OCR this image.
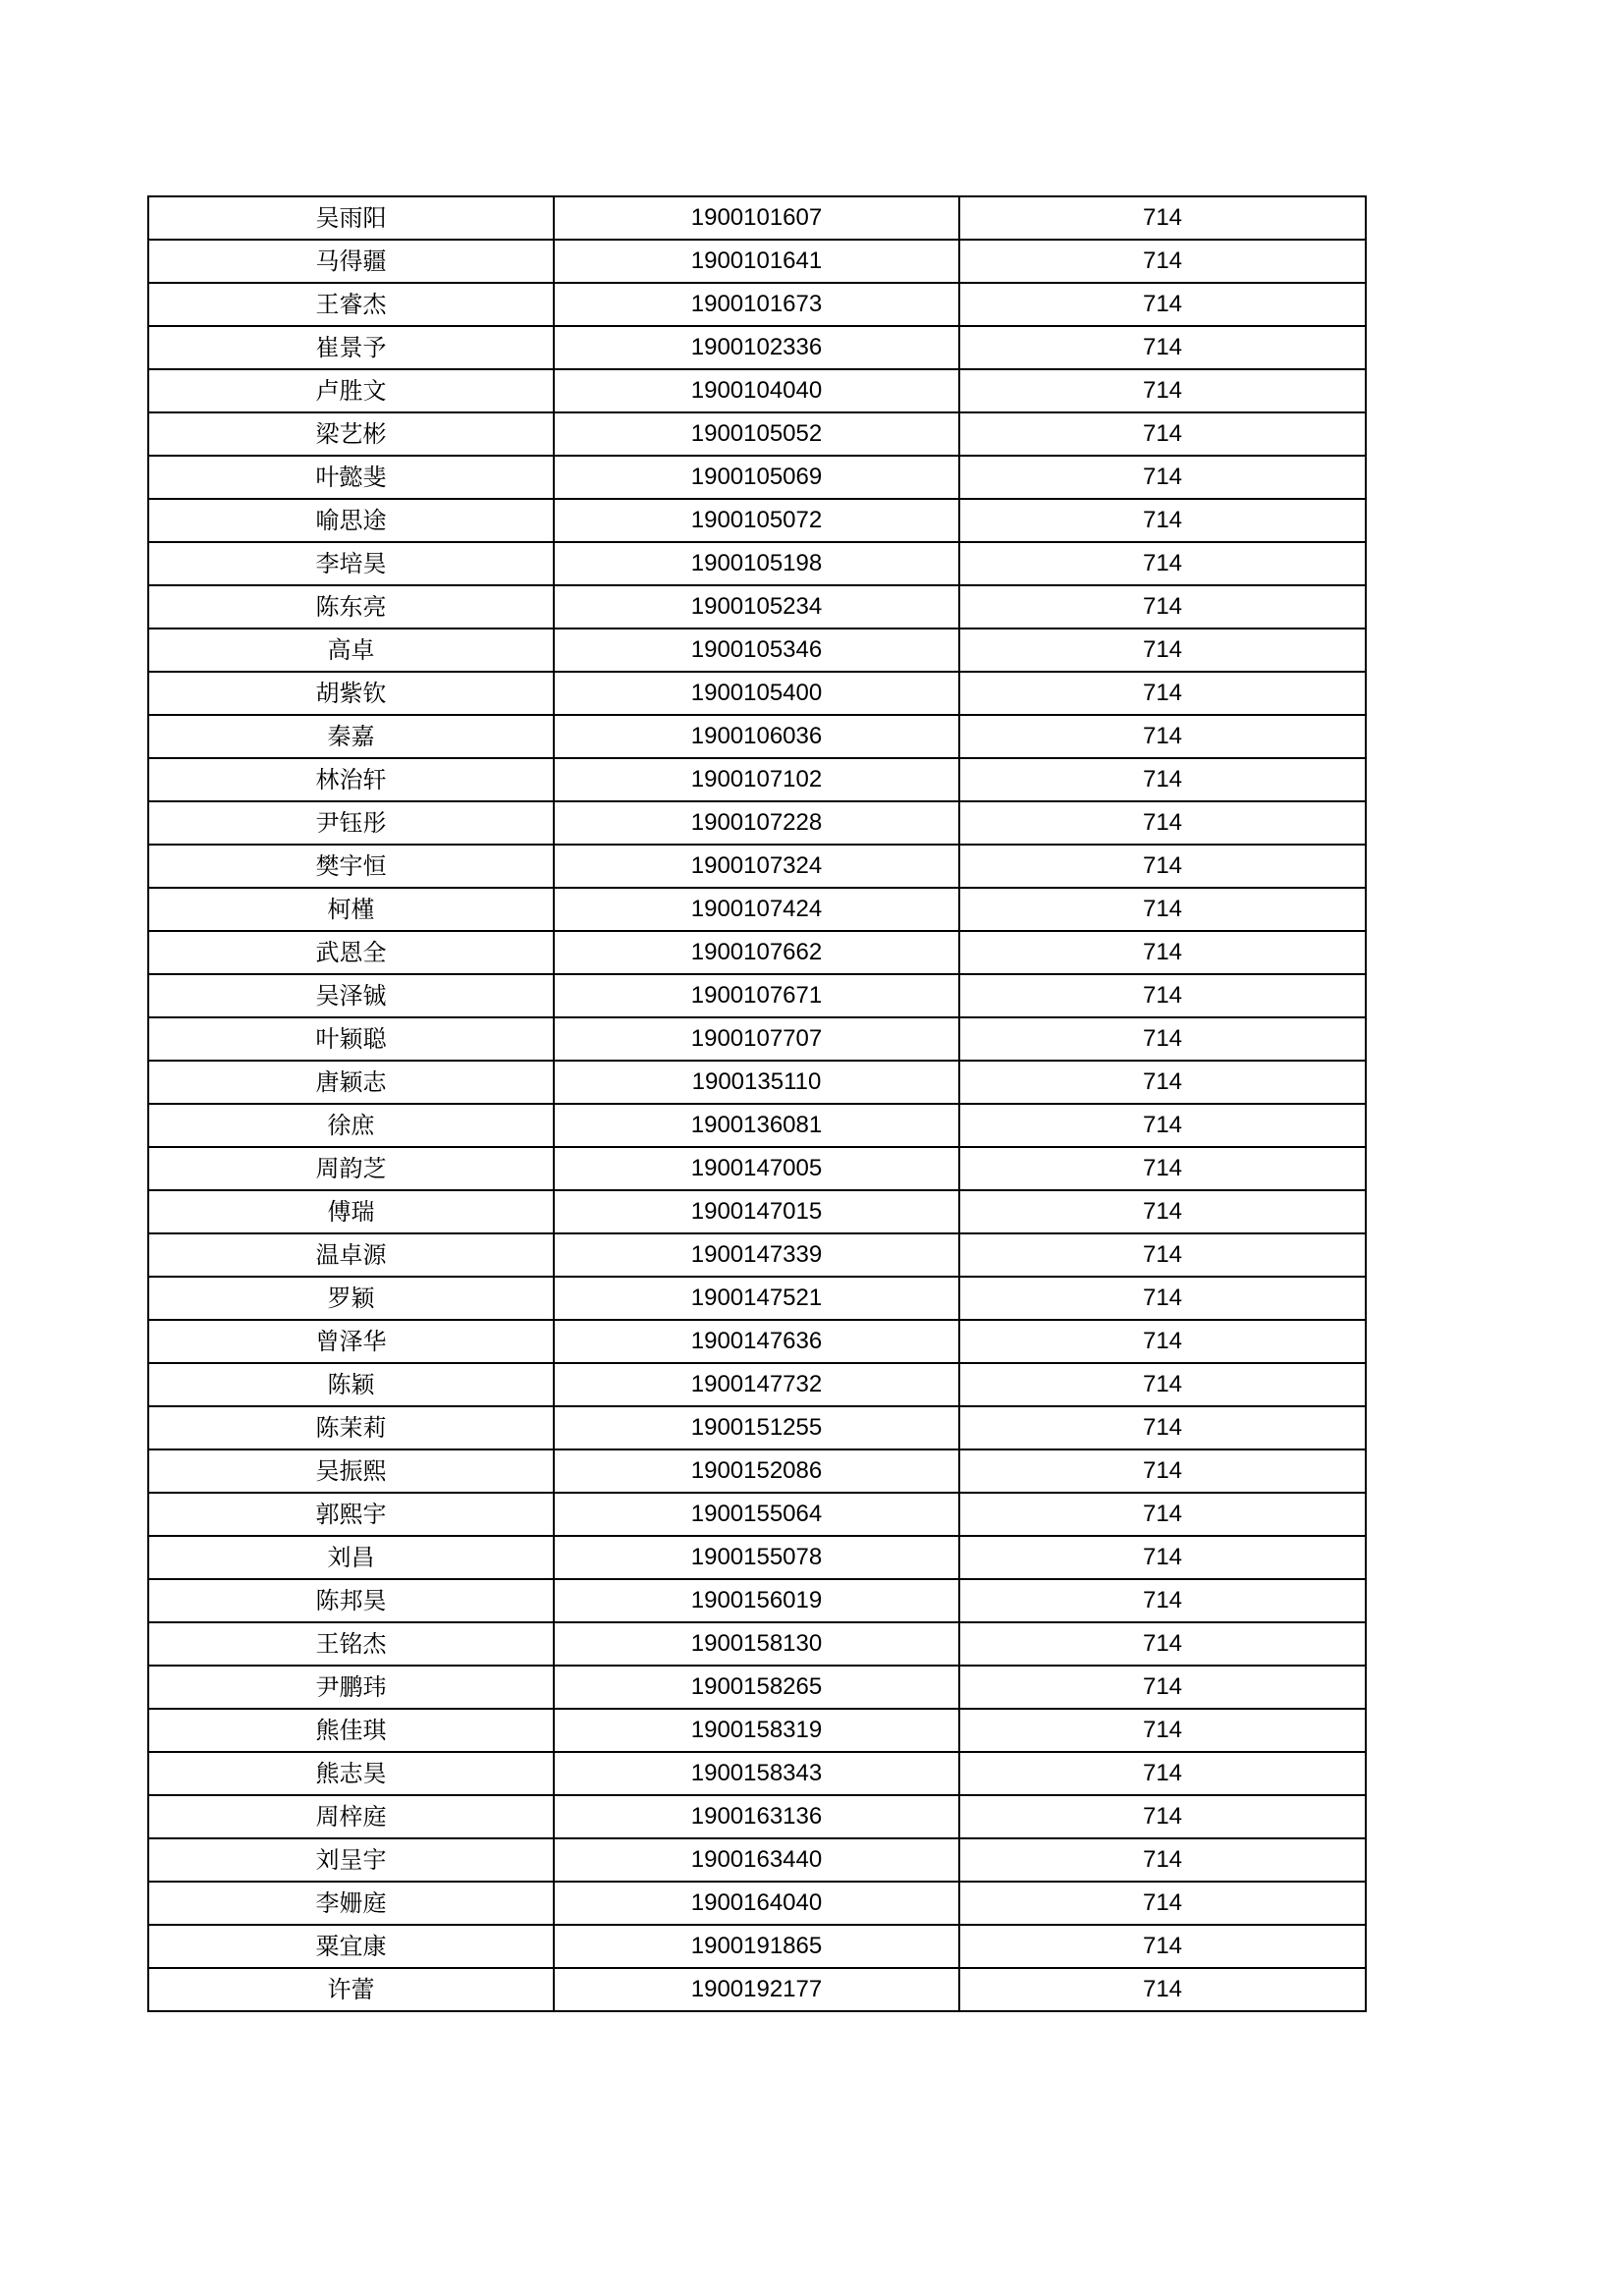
吴雨阳	1900101607	714
马得疆	1900101641	714
王睿杰	1900101673	714
崔景予	1900102336	714
卢胜文	1900104040	714
梁艺彬	1900105052	714
叶懿斐	1900105069	714
喻思途	1900105072	714
李培昊	1900105198	714
陈东亮	1900105234	714
高卓	1900105346	714
胡紫钦	1900105400	714
秦嘉	1900106036	714
林治轩	1900107102	714
尹钰彤	1900107228	714
樊宇恒	1900107324	714
柯槿	1900107424	714
武恩全	1900107662	714
吴泽铖	1900107671	714
叶颖聪	1900107707	714
唐颖志	1900135110	714
徐庶	1900136081	714
周韵芝	1900147005	714
傅瑞	1900147015	714
温卓源	1900147339	714
罗颖	1900147521	714
曾泽华	1900147636	714
陈颖	1900147732	714
陈茉莉	1900151255	714
吴振熙	1900152086	714
郭熙宇	1900155064	714
刘昌	1900155078	714
陈邦昊	1900156019	714
王铭杰	1900158130	714
尹鹏玮	1900158265	714
熊佳琪	1900158319	714
熊志昊	1900158343	714
周梓庭	1900163136	714
刘呈宇	1900163440	714
李姗庭	1900164040	714
粟宜康	1900191865	714
许蕾	1900192177	714
